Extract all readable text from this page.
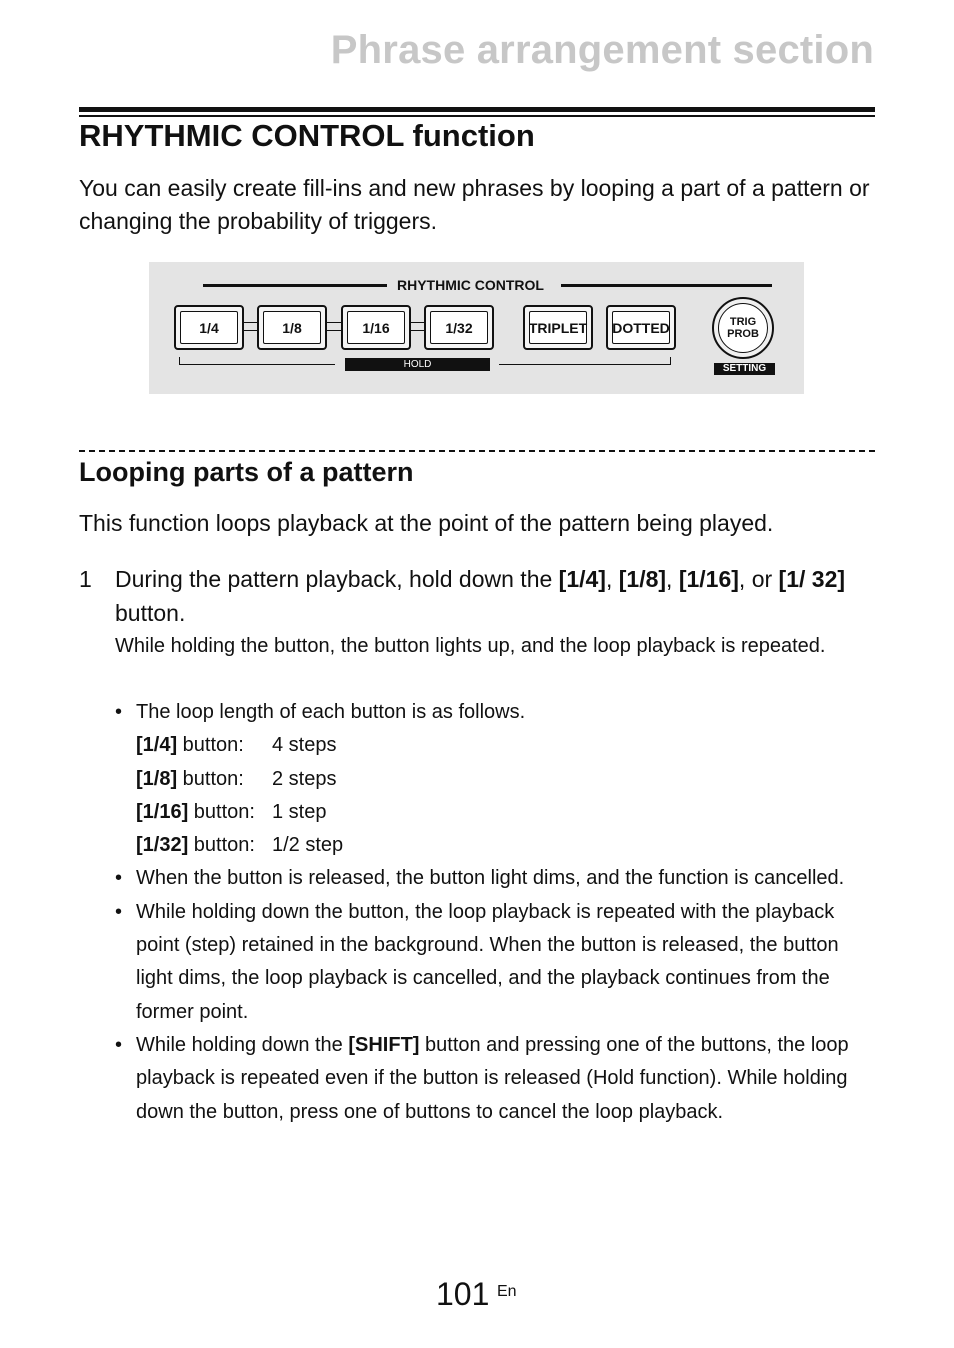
Phrase arrangement section
RHYTHMIC CONTROL function
You can easily create fill-ins and new phrases by looping a part of a pattern or changing the probability of triggers.
RHYTHMIC CONTROL
1/4	1/8	1/16	1/32	TRIPLET DOTTED
HOLD
TRIG
PROB
SETTING
Looping parts of a pattern
This function loops playback at the point of the pattern being played.
1 During the pattern playback, hold down the [1/4], [1/8], [1/16], or [1/ 32] button.
While holding the button, the button lights up, and the loop playback is repeated.
• The loop length of each button is as follows.
[1/4] button:	4 steps
[1/8] button:	2 steps
[1/16] button: 1 step
[1/32] button: 1/2 step
• When the button is released, the button light dims, and the function is cancelled.
• While holding down the button, the loop playback is repeated with the playback point (step) retained in the background. When the button is released, the button light dims, the loop playback is cancelled, and the playback continues from the former point.
• While holding down the [SHIFT] button and pressing one of the buttons, the loop playback is repeated even if the button is released (Hold function). While holding down the button, press one of buttons to cancel the loop playback.
101 En
